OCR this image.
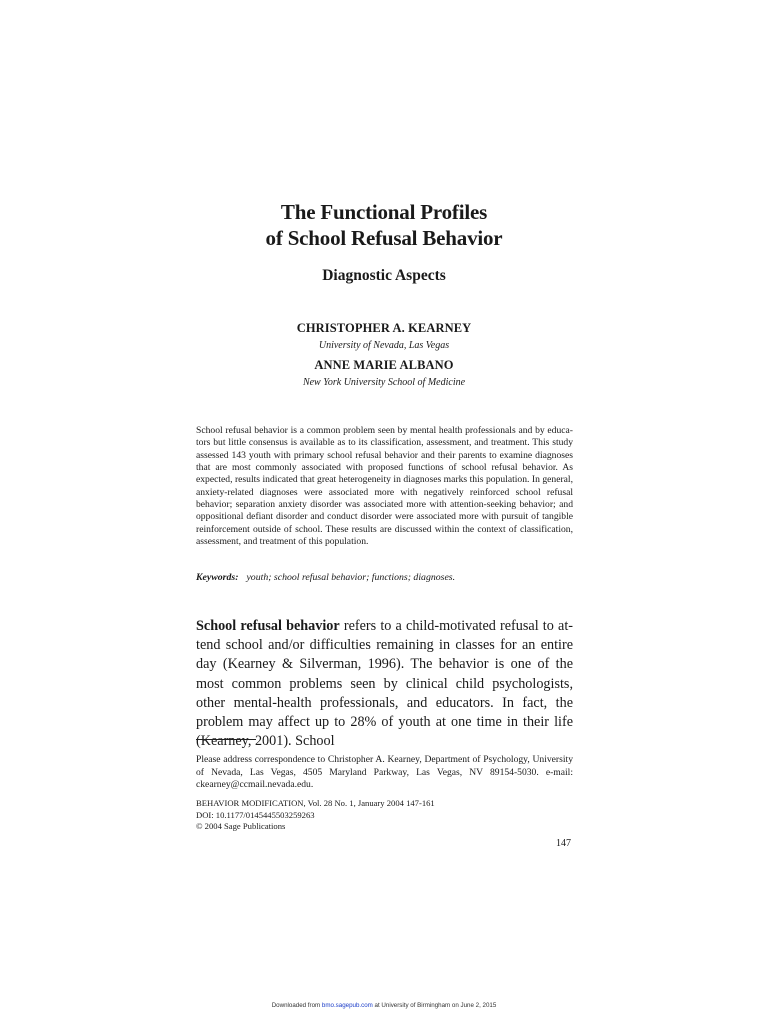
The Functional Profiles
of School Refusal Behavior
Diagnostic Aspects
CHRISTOPHER A. KEARNEY
University of Nevada, Las Vegas
ANNE MARIE ALBANO
New York University School of Medicine
School refusal behavior is a common problem seen by mental health professionals and by educators but little consensus is available as to its classification, assessment, and treatment. This study assessed 143 youth with primary school refusal behavior and their parents to examine diagnoses that are most commonly associated with proposed functions of school refusal behavior. As expected, results indicated that great heterogeneity in diagnoses marks this population. In general, anxiety-related diagnoses were associated more with negatively reinforced school refusal behavior; separation anxiety disorder was associated more with attention-seeking behavior; and oppositional defiant disorder and conduct disorder were associated more with pursuit of tangible reinforcement outside of school. These results are discussed within the context of classification, assessment, and treatment of this population.
Keywords: youth; school refusal behavior; functions; diagnoses.
School refusal behavior refers to a child-motivated refusal to attend school and/or difficulties remaining in classes for an entire day (Kearney & Silverman, 1996). The behavior is one of the most common problems seen by clinical child psychologists, other mental-health professionals, and educators. In fact, the problem may affect up to 28% of youth at one time in their life (Kearney, 2001). School
Please address correspondence to Christopher A. Kearney, Department of Psychology, University of Nevada, Las Vegas, 4505 Maryland Parkway, Las Vegas, NV 89154-5030. e-mail: ckearney@ccmail.nevada.edu.
BEHAVIOR MODIFICATION, Vol. 28 No. 1, January 2004 147-161
DOI: 10.1177/0145445503259263
© 2004 Sage Publications
147
Downloaded from bmo.sagepub.com at University of Birmingham on June 2, 2015
